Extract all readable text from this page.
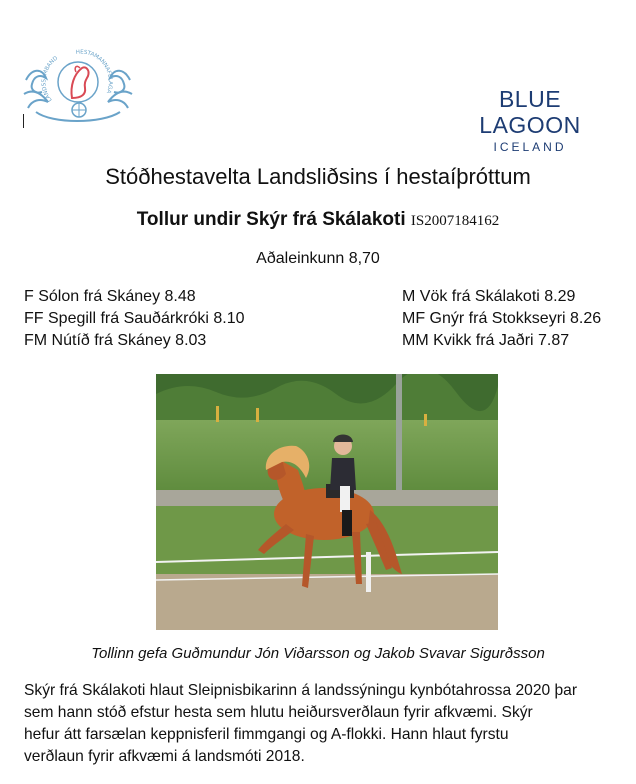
LANDSSAMBAND
HESTAMANNAFÉLAGA	BLUE LAGOON
ICELAND
Stóðhestavelta Landsliðsins í hestaíþróttum
Tollur undir Skýr frá Skálakoti IS2007184162
Aðaleinkunn 8,70
F Sólon frá Skáney 8.48
FF Spegill frá Sauðárkróki 8.10
FM Nútíð frá Skáney 8.03
M Vök frá Skálakoti 8.29
MF Gnýr frá Stokkseyri 8.26
MM Kvikk frá Jaðri 7.87
Tollinn gefa Guðmundur Jón Viðarsson og Jakob Svavar Sigurðsson
Skýr frá Skálakoti hlaut Sleipnisbikarinn á landssýningu kynbótahrossa 2020 þar
sem hann stóð efstur hesta sem hlutu heiðursverðlaun fyrir afkvæmi. Skýr
hefur átt farsælan keppnisferil fimmgangi og A-flokki. Hann hlaut fyrstu
verðlaun fyrir afkvæmi á landsmóti 2018.
